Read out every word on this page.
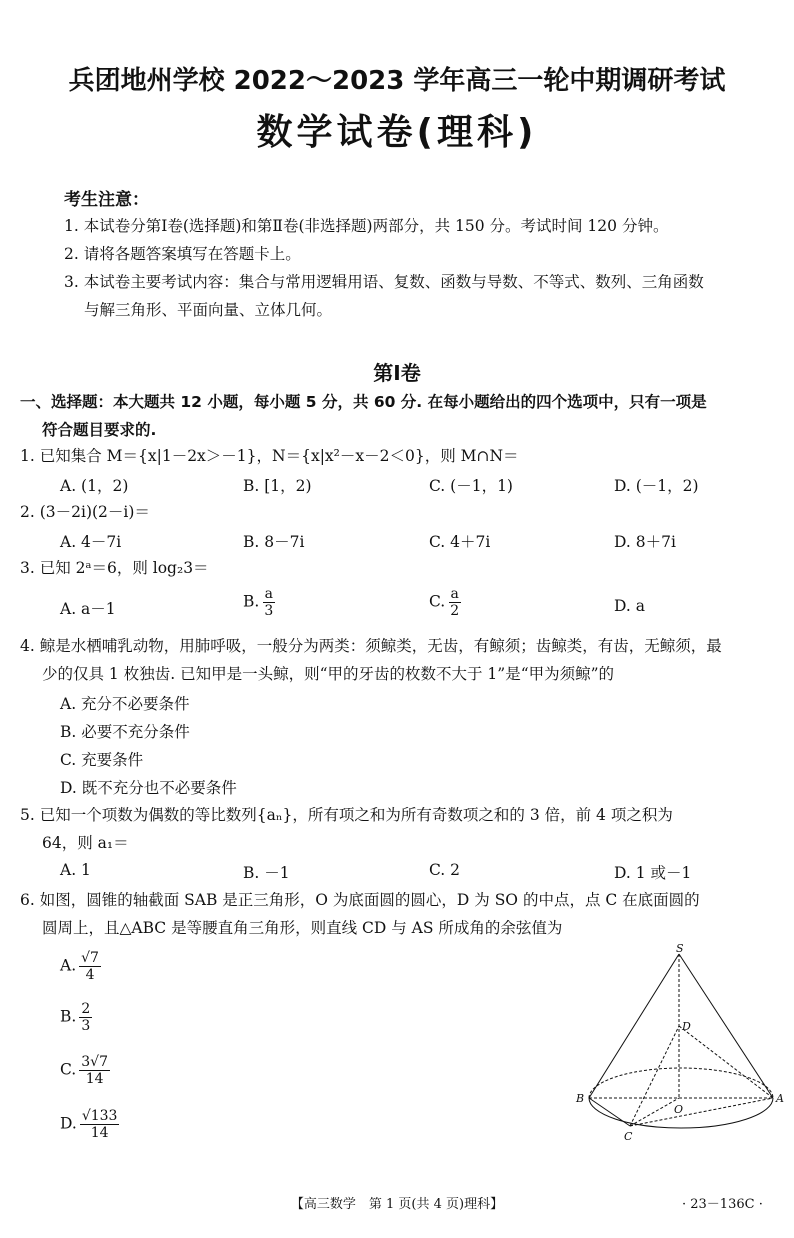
兵团地州学校 2022～2023 学年高三一轮中期调研考试
数学试卷(理科)
考生注意：
1. 本试卷分第Ⅰ卷(选择题)和第Ⅱ卷(非选择题)两部分，共 150 分。考试时间 120 分钟。
2. 请将各题答案填写在答题卡上。
3. 本试卷主要考试内容：集合与常用逻辑用语、复数、函数与导数、不等式、数列、三角函数
与解三角形、平面向量、立体几何。
第Ⅰ卷
一、选择题：本大题共 12 小题，每小题 5 分，共 60 分. 在每小题给出的四个选项中，只有一项是
符合题目要求的.
1. 已知集合 M＝{x|1－2x＞－1}，N＝{x|x²－x－2＜0}，则 M∩N＝
A. (1，2)	B. [1，2)	C. (－1，1)	D. (－1，2)
2. (3－2i)(2－i)＝
A. 4－7i	B. 8－7i	C. 4＋7i	D. 8＋7i
3. 已知 2ᵃ＝6，则 log₂3＝
A. a－1	B. $\frac{a}{3}$	C. $\frac{a}{2}$	D. a
4. 鲸是水栖哺乳动物，用肺呼吸，一般分为两类：须鲸类，无齿，有鲸须；齿鲸类，有齿，无鲸须，最
少的仅具 1 枚独齿. 已知甲是一头鲸，则“甲的牙齿的枚数不大于 1”是“甲为须鲸”的
A. 充分不必要条件
B. 必要不充分条件
C. 充要条件
D. 既不充分也不必要条件
5. 已知一个项数为偶数的等比数列{aₙ}，所有项之和为所有奇数项之和的 3 倍，前 4 项之积为
64，则 a₁＝
A. 1	B. －1	C. 2	D. 1 或－1
6. 如图，圆锥的轴截面 SAB 是正三角形，O 为底面圆的圆心，D 为 SO 的中点，点 C 在底面圆的
圆周上，且△ABC 是等腰直角三角形，则直线 CD 与 AS 所成角的余弦值为
A. $\frac{√7}{4}$
B. $\frac{2}{3}$
C. $\frac{3√7}{14}$
D. $\frac{√133}{14}$
S
D
B
O
A
C
【高三数学　第 1 页(共 4 页)理科】	· 23－136C ·
